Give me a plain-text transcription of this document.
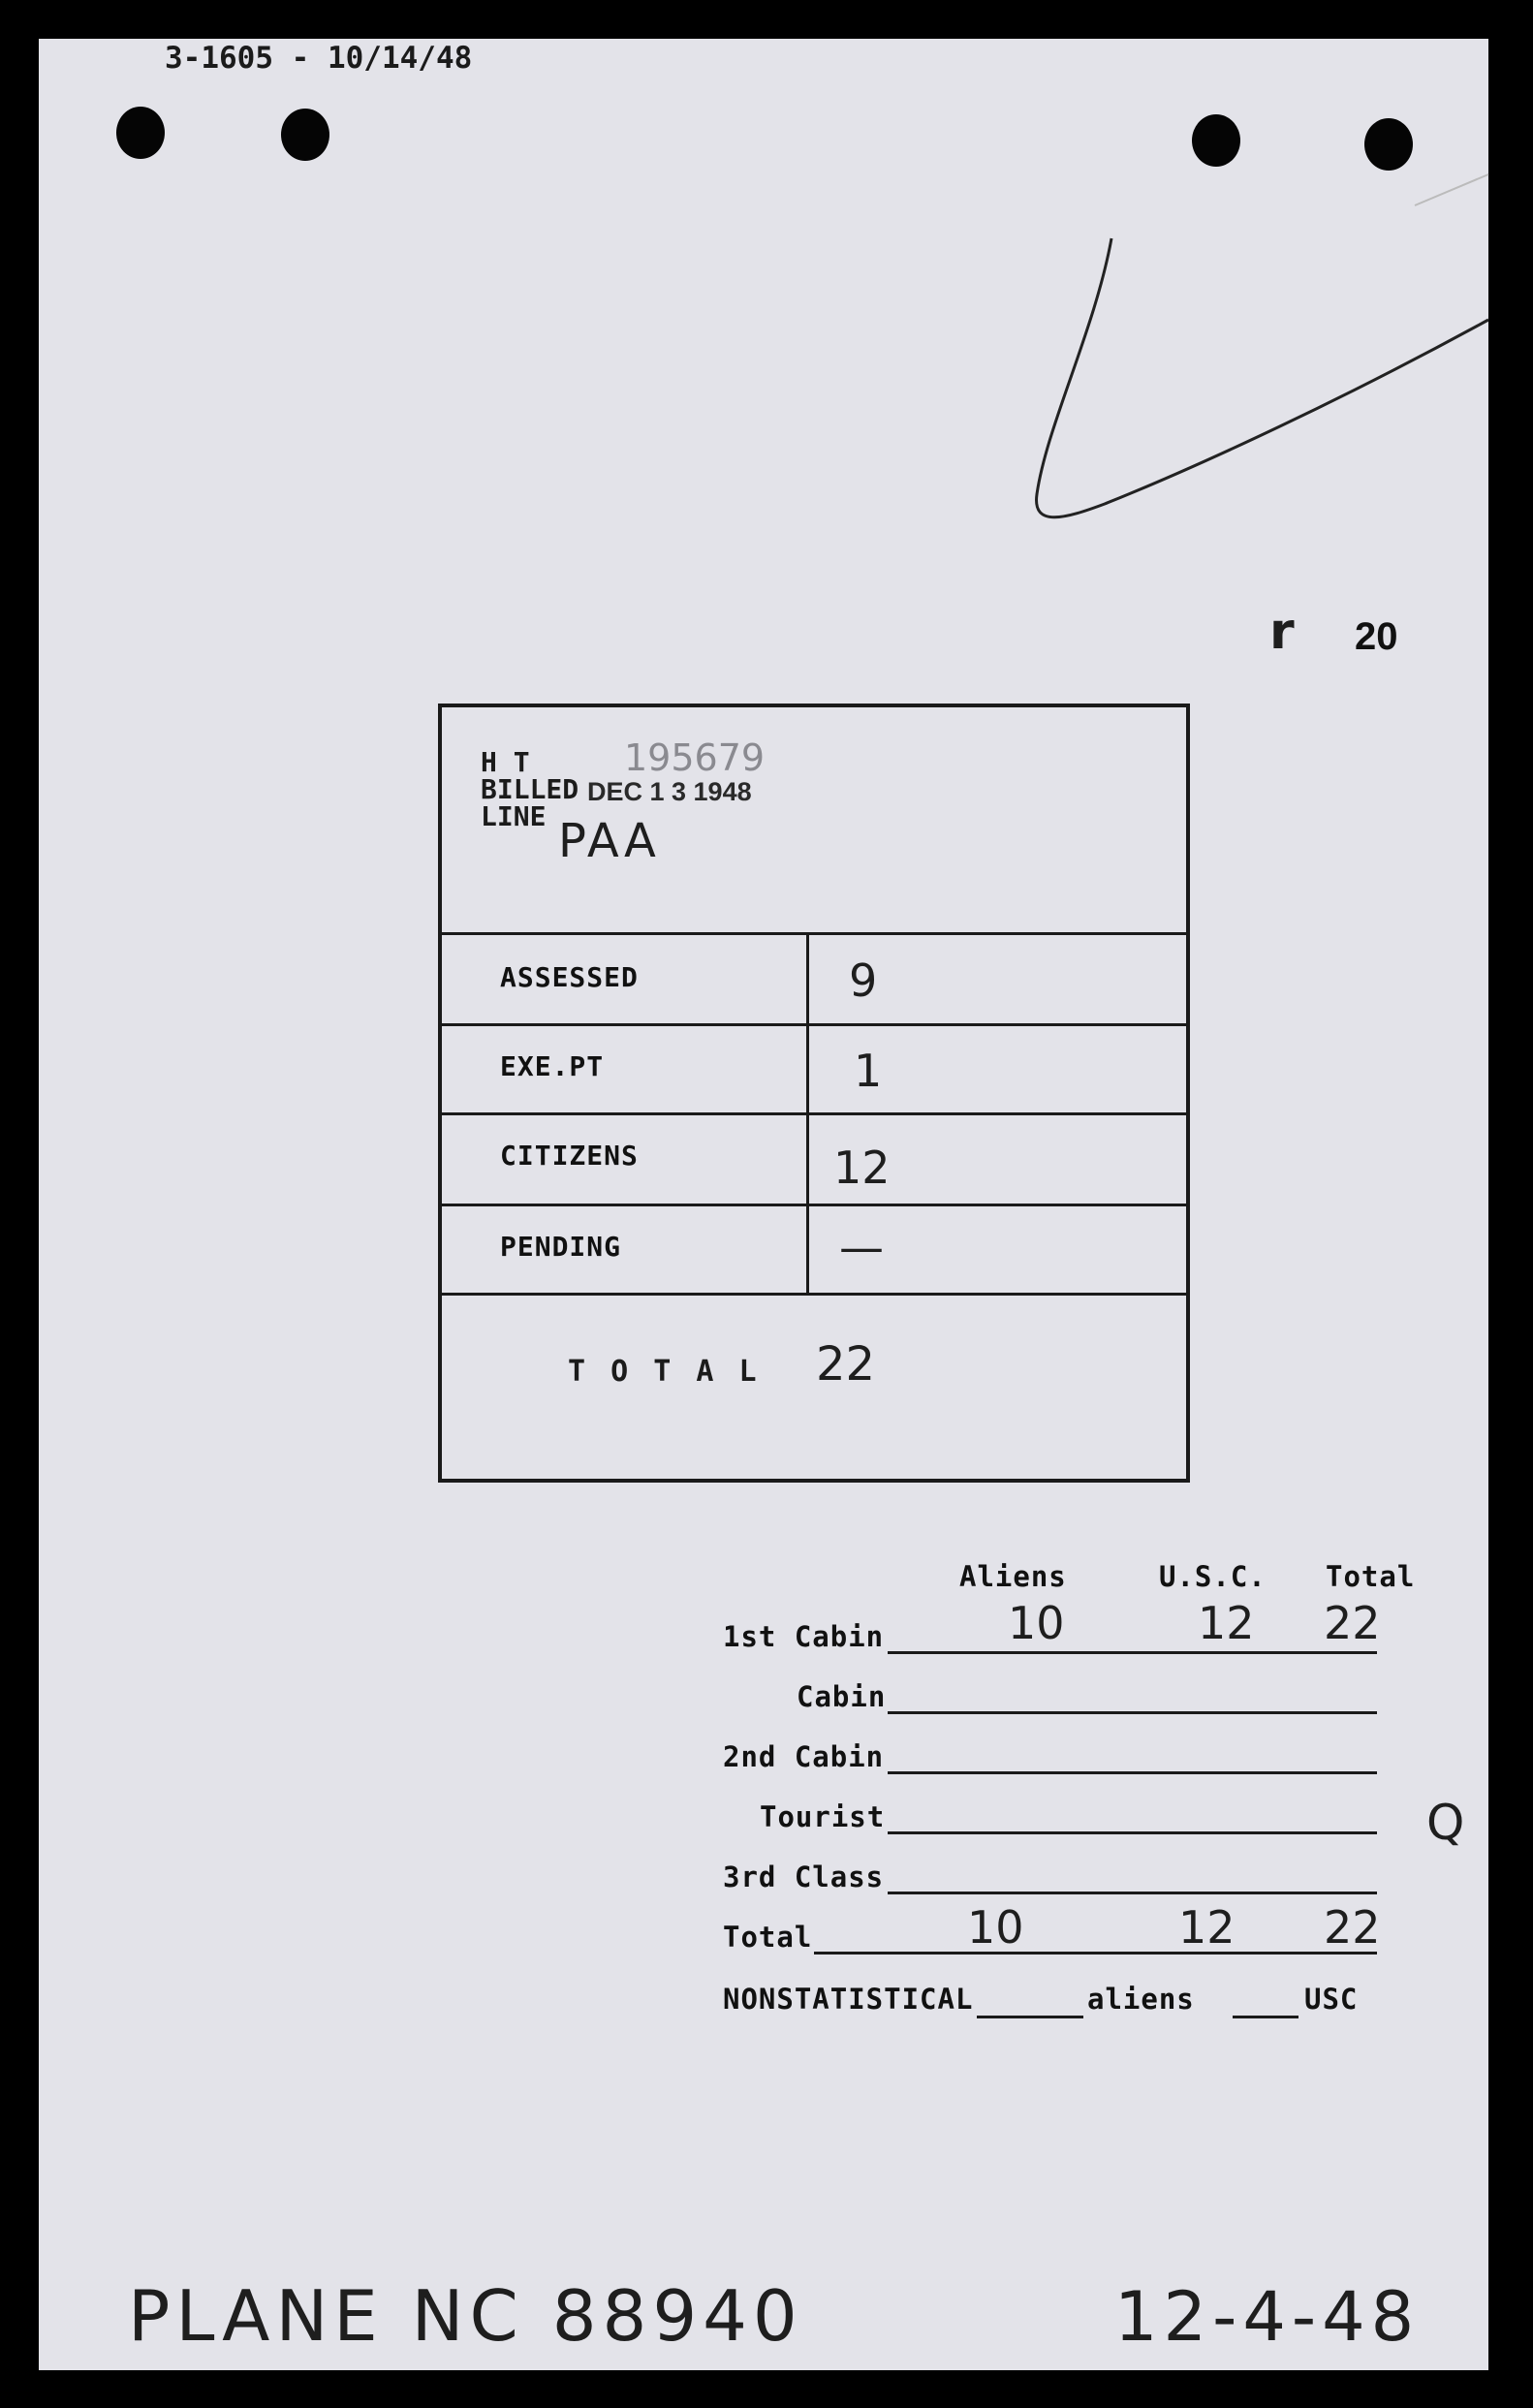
3-1605 - 10/14/48
r 20
H T	195679
BILLED DEC 1 3 1948
LINE PAA
ASSESSED	9
EXE.PT	1
CITIZENS	12
PENDING	—
T O T A L 22
Aliens	U.S.C. Total
1st Cabin	10	12 22
Cabin
2nd Cabin
Tourist
3rd Class
Total	10	12 22
NONSTATISTICAL	aliens	USC
Q
PLANE NC 88940	12-4-48
